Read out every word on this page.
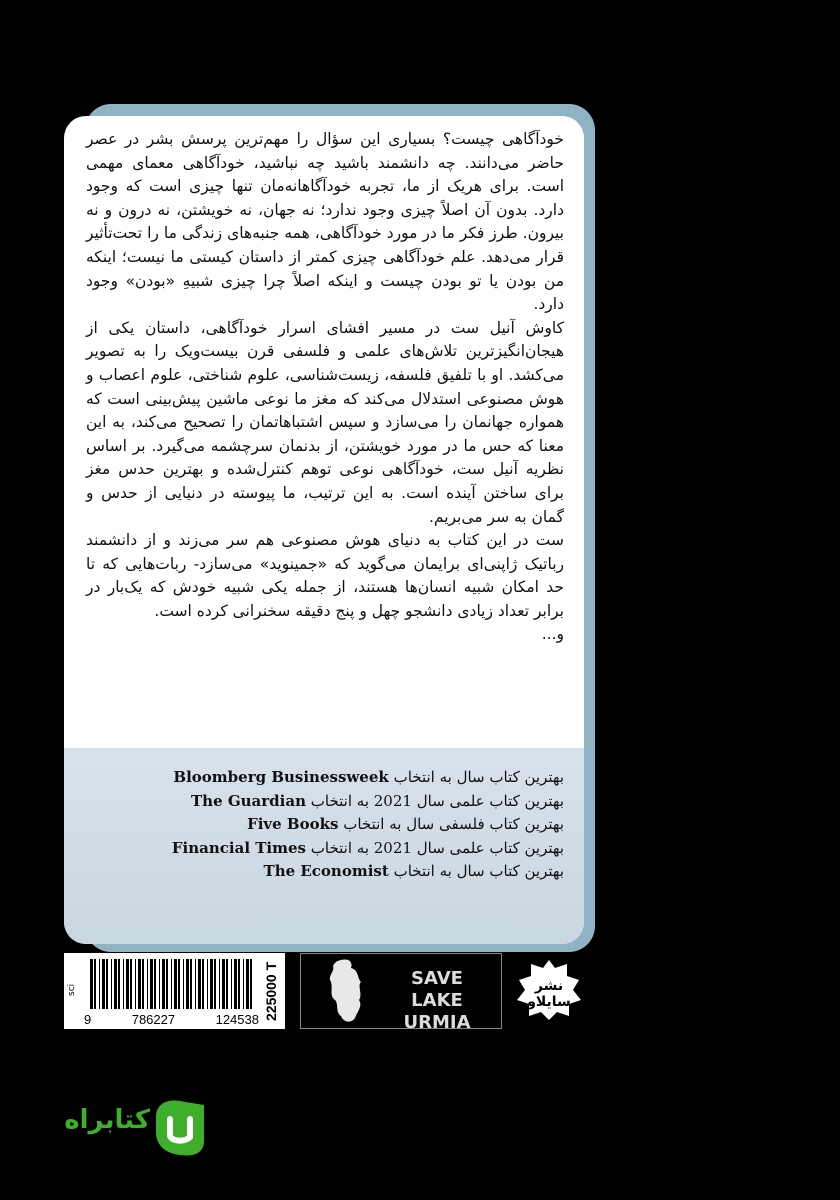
خودآگاهی چیست؟ بسیاری این سؤال را مهم‌ترین پرسش بشر در عصر حاضر می‌دانند. چه دانشمند باشید چه نباشید، خودآگاهی معمای مهمی است. برای هریک از ما، تجربه خودآگاهانه‌مان تنها چیزی است که وجود دارد. بدون آن اصلاً چیزی وجود ندارد؛ نه جهان، نه خویشتن، نه درون و نه بیرون. طرز فکر ما در مورد خودآگاهی، همه جنبه‌های زندگی ما را تحت‌تأثیر قرار می‌دهد. علم خودآگاهی چیزی کمتر از داستان کیستی ما نیست؛ اینکه من بودن یا تو بودن چیست و اینکه اصلاً چرا چیزی شبیهِ «بودن» وجود دارد.

کاوش آنیل ست در مسیر افشای اسرار خودآگاهی، داستان یکی از هیجان‌انگیزترین تلاش‌های علمی و فلسفی قرن بیست‌ویک را به تصویر می‌کشد. او با تلفیق فلسفه، زیست‌شناسی، علوم شناختی، علوم اعصاب و هوش مصنوعی استدلال می‌کند که مغز ما نوعی ماشین پیش‌بینی است که همواره جهانمان را می‌سازد و سپس اشتباهاتمان را تصحیح می‌کند، به این معنا که حس ما در مورد خویشتن، از بدنمان سرچشمه می‌گیرد. بر اساس نظریه آنیل ست، خودآگاهی نوعی توهم کنترل‌شده و بهترین حدس مغز برای ساختن آینده است. به این ترتیب، ما پیوسته در دنیایی از حدس و گمان به سر می‌بریم.

ست در این کتاب به دنیای هوش مصنوعی هم سر می‌زند و از دانشمند رباتیک ژاپنی‌ای برایمان می‌گوید که «جمینوید» می‌سازد- ربات‌هایی که تا حد امکان شبیه انسان‌ها هستند، از جمله یکی شبیه خودش که یک‌بار در برابر تعداد زیادی دانشجو چهل و پنج دقیقه سخنرانی کرده است.

و...
بهترین کتاب سال به انتخاب Bloomberg Businessweek
بهترین کتاب علمی سال 2021 به انتخاب The Guardian
بهترین کتاب فلسفی سال به انتخاب Five Books
بهترین کتاب علمی سال 2021 به انتخاب Financial Times
بهترین کتاب سال به انتخاب The Economist
sci
9	786227	124538 225000 T	SAVE
LAKE URMIA
نشر سایلاو
کتابراه
